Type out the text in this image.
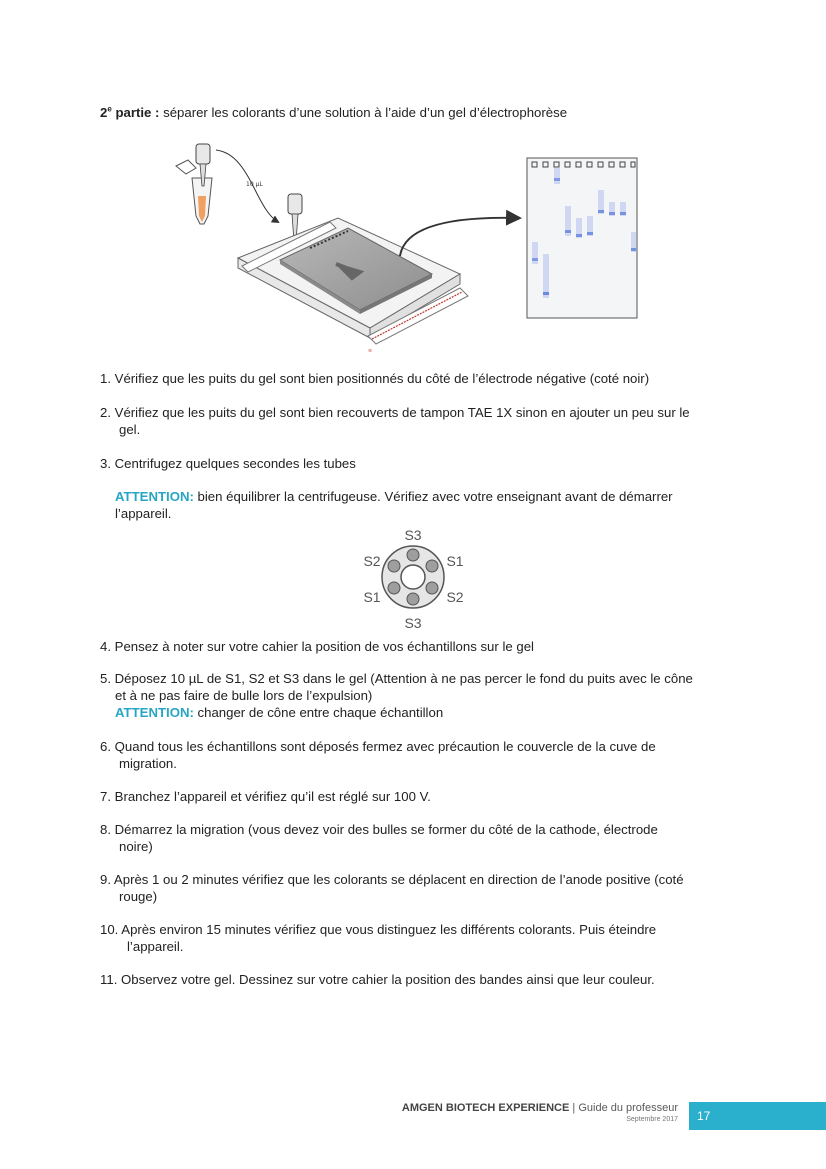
2e partie : séparer les colorants d’une solution à l’aide d’un gel d’électrophorèse
10 µL
≋
1. Vérifiez que les puits du gel sont bien positionnés du côté de l’électrode négative (coté noir)
2. Vérifiez que les puits du gel sont bien recouverts de tampon TAE 1X sinon en ajouter un peu sur le
gel.
3. Centrifugez quelques secondes les tubes
ATTENTION: bien équilibrer la centrifugeuse. Vérifiez avec votre enseignant avant de démarrer
l’appareil.
S3
S2	S1
S1	S2
S3
4. Pensez à noter sur votre cahier la position de vos échantillons sur le gel
5. Déposez 10 µL de S1, S2 et S3 dans le gel (Attention à ne pas percer le fond du puits avec le cône
et à ne pas faire de bulle lors de l’expulsion)
ATTENTION: changer de cône entre chaque échantillon
6. Quand tous les échantillons sont déposés fermez avec précaution le couvercle de la cuve de
migration.
7. Branchez l’appareil et vérifiez qu’il est réglé sur 100 V.
8. Démarrez la migration (vous devez voir des bulles se former du côté de la cathode, électrode
noire)
9. Après 1 ou 2 minutes vérifiez que les colorants se déplacent en direction de l’anode positive (coté
rouge)
10. Après environ 15 minutes vérifiez que vous distinguez les différents colorants. Puis éteindre
l’appareil.
11. Observez votre gel. Dessinez sur votre cahier la position des bandes ainsi que leur couleur.
AMGEN BIOTECH EXPERIENCE | Guide du professeur
Septembre 2017 17
